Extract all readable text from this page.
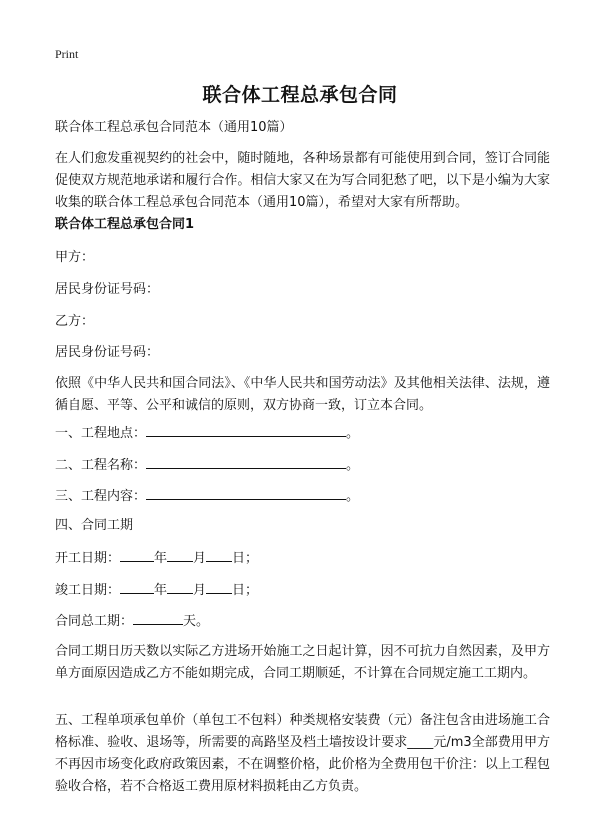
Print
联合体工程总承包合同
联合体工程总承包合同范本（通用10篇）
在人们愈发重视契约的社会中，随时随地，各种场景都有可能使用到合同，签订合同能促使双方规范地承诺和履行合作。相信大家又在为写合同犯愁了吧，以下是小编为大家收集的联合体工程总承包合同范本（通用10篇），希望对大家有所帮助。
联合体工程总承包合同1
甲方：
居民身份证号码：
乙方：
居民身份证号码：
依照《中华人民共和国合同法》、《中华人民共和国劳动法》及其他相关法律、法规，遵循自愿、平等、公平和诚信的原则，双方协商一致，订立本合同。
一、工程地点：	。
二、工程名称：	。
三、工程内容：	。
四、合同工期
开工日期：	年 月 日；
竣工日期：	年 月 日；
合同总工期：	天。
合同工期日历天数以实际乙方进场开始施工之日起计算，因不可抗力自然因素，及甲方单方面原因造成乙方不能如期完成，合同工期顺延，不计算在合同规定施工工期内。
五、工程单项承包单价（单包工不包料）种类规格安装费（元）备注包含由进场施工合格标准、验收、退场等，所需要的高路坚及档土墙按设计要求____元/m3全部费用甲方不再因市场变化政府政策因素，不在调整价格，此价格为全费用包干价注：以上工程包验收合格，若不合格返工费用原材料损耗由乙方负责。
